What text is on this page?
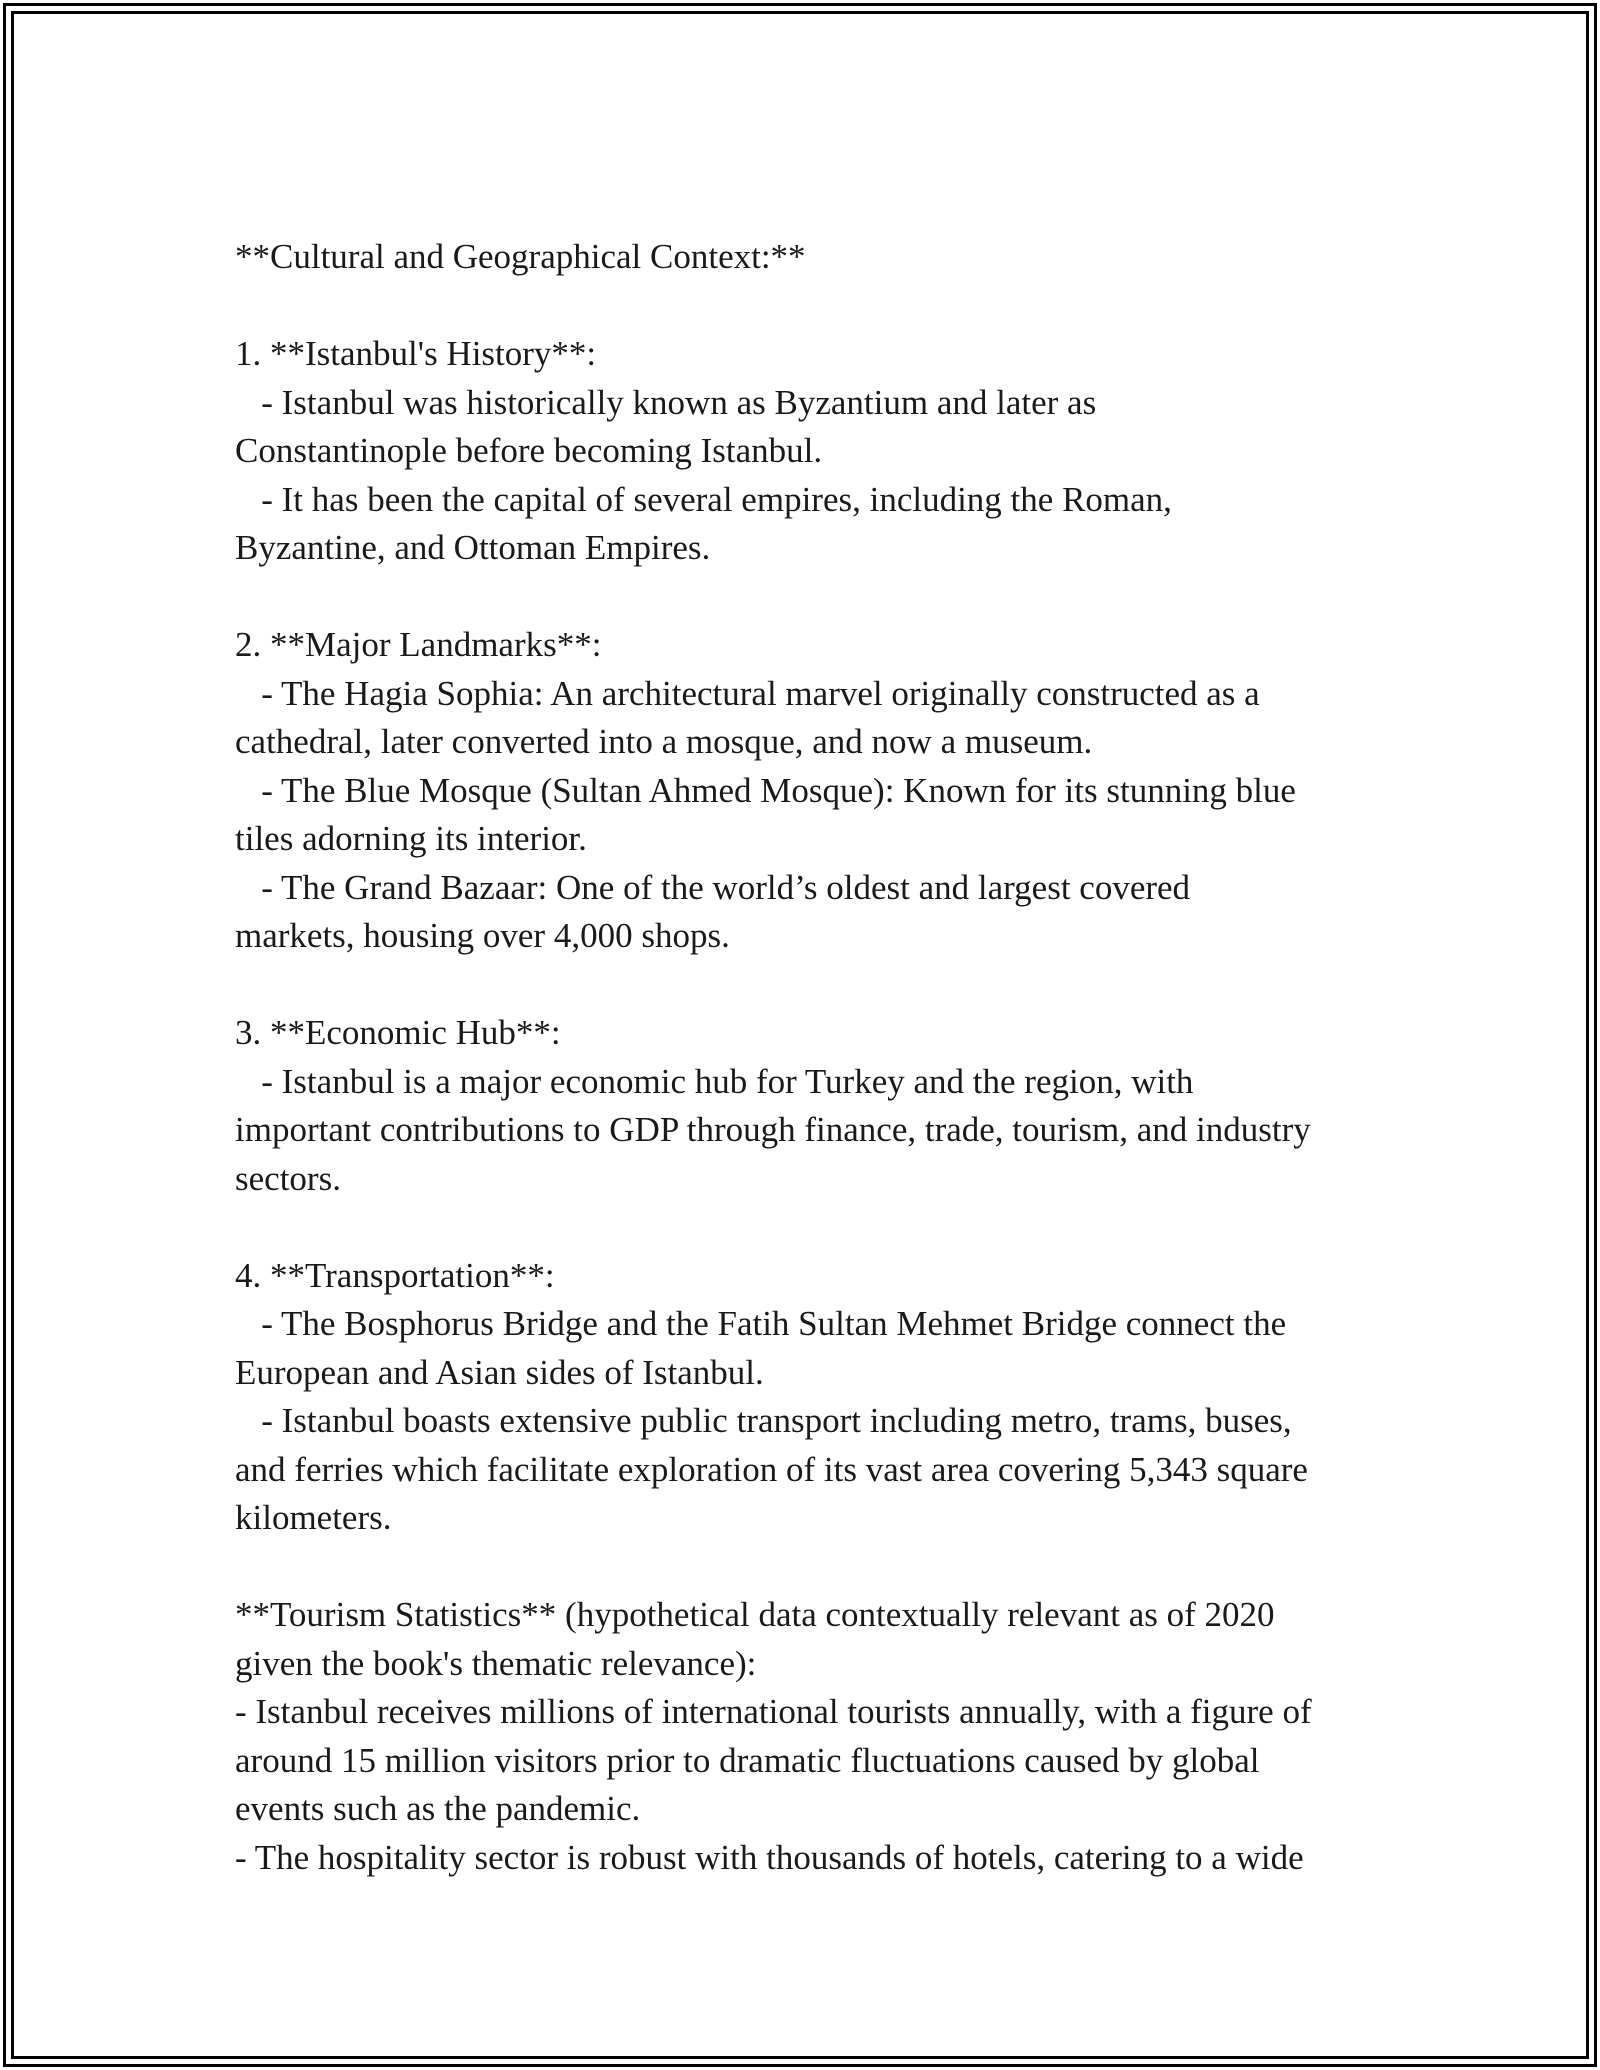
**Cultural and Geographical Context:**
1. **Istanbul's History**:
- Istanbul was historically known as Byzantium and later as
Constantinople before becoming Istanbul.
- It has been the capital of several empires, including the Roman,
Byzantine, and Ottoman Empires.
2. **Major Landmarks**:
- The Hagia Sophia: An architectural marvel originally constructed as a
cathedral, later converted into a mosque, and now a museum.
- The Blue Mosque (Sultan Ahmed Mosque): Known for its stunning blue
tiles adorning its interior.
- The Grand Bazaar: One of the world’s oldest and largest covered
markets, housing over 4,000 shops.
3. **Economic Hub**:
- Istanbul is a major economic hub for Turkey and the region, with
important contributions to GDP through finance, trade, tourism, and industry
sectors.
4. **Transportation**:
- The Bosphorus Bridge and the Fatih Sultan Mehmet Bridge connect the
European and Asian sides of Istanbul.
- Istanbul boasts extensive public transport including metro, trams, buses,
and ferries which facilitate exploration of its vast area covering 5,343 square
kilometers.
**Tourism Statistics** (hypothetical data contextually relevant as of 2020
given the book's thematic relevance):
- Istanbul receives millions of international tourists annually, with a figure of
around 15 million visitors prior to dramatic fluctuations caused by global
events such as the pandemic.
- The hospitality sector is robust with thousands of hotels, catering to a wide
